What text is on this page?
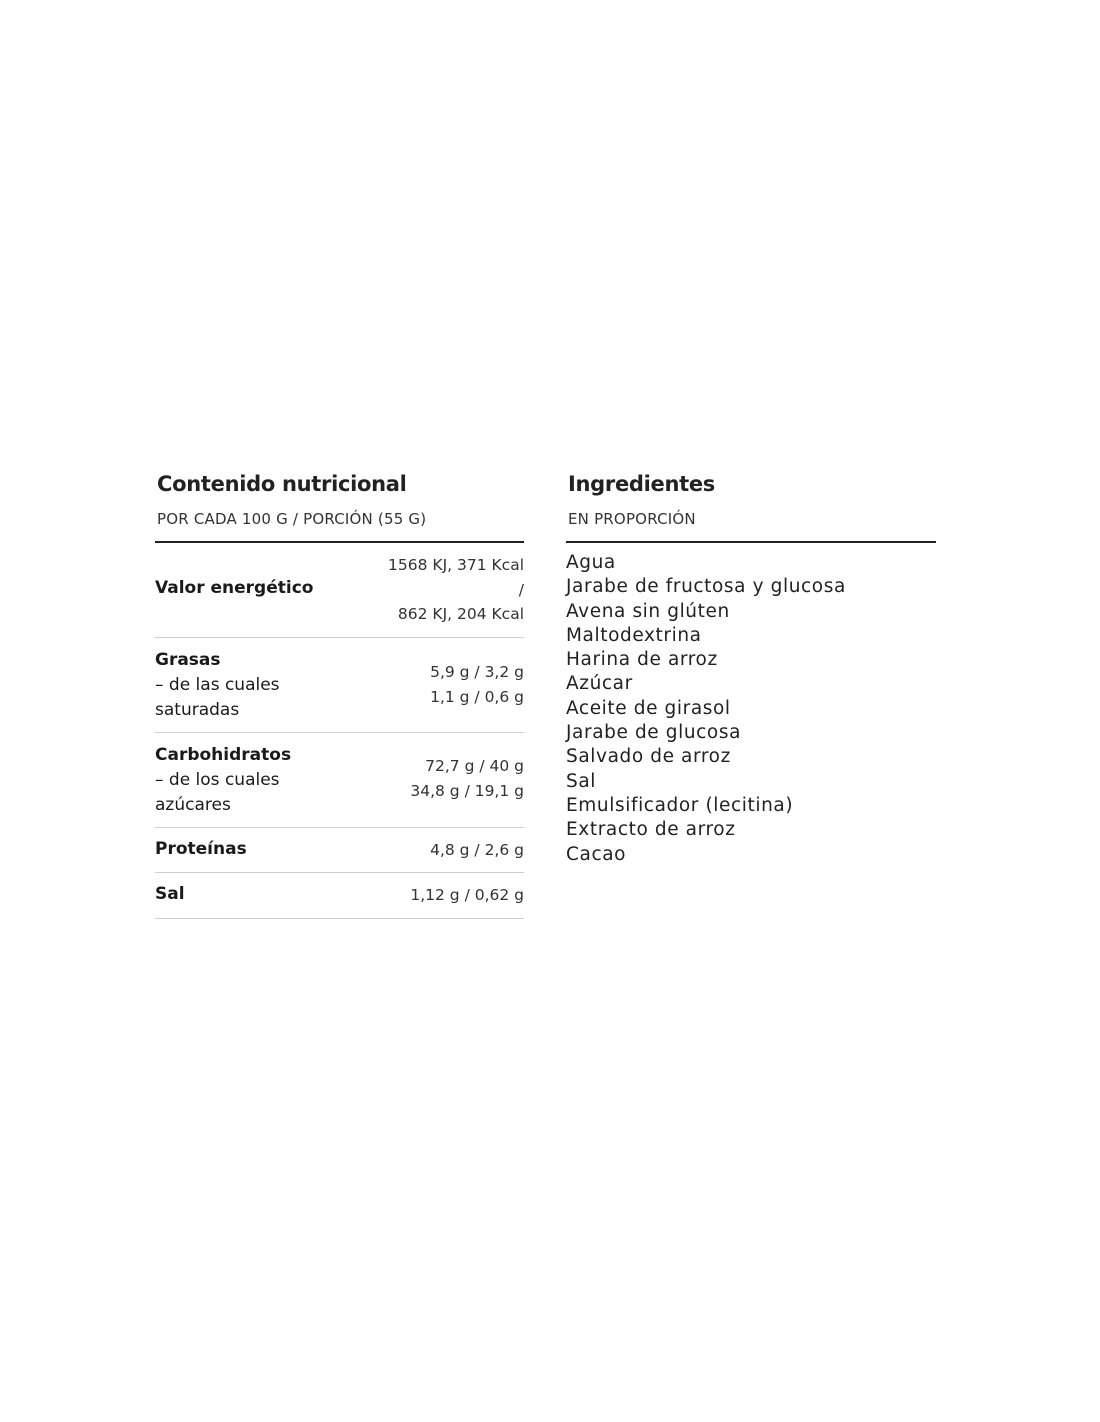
Contenido nutricional
POR CADA 100 G / PORCIÓN (55 G)
Valor energético
1568 KJ, 371 Kcal
/
862 KJ, 204 Kcal
Grasas
– de las cuales
saturadas
5,9 g / 3,2 g
1,1 g / 0,6 g
Carbohidratos
– de los cuales
azúcares
72,7 g / 40 g
34,8 g / 19,1 g
Proteínas	4,8 g / 2,6 g
Sal	1,12 g / 0,62 g
Ingredientes
EN PROPORCIÓN
Agua
Jarabe de fructosa y glucosa
Avena sin glúten
Maltodextrina
Harina de arroz
Azúcar
Aceite de girasol
Jarabe de glucosa
Salvado de arroz
Sal
Emulsificador (lecitina)
Extracto de arroz
Cacao
